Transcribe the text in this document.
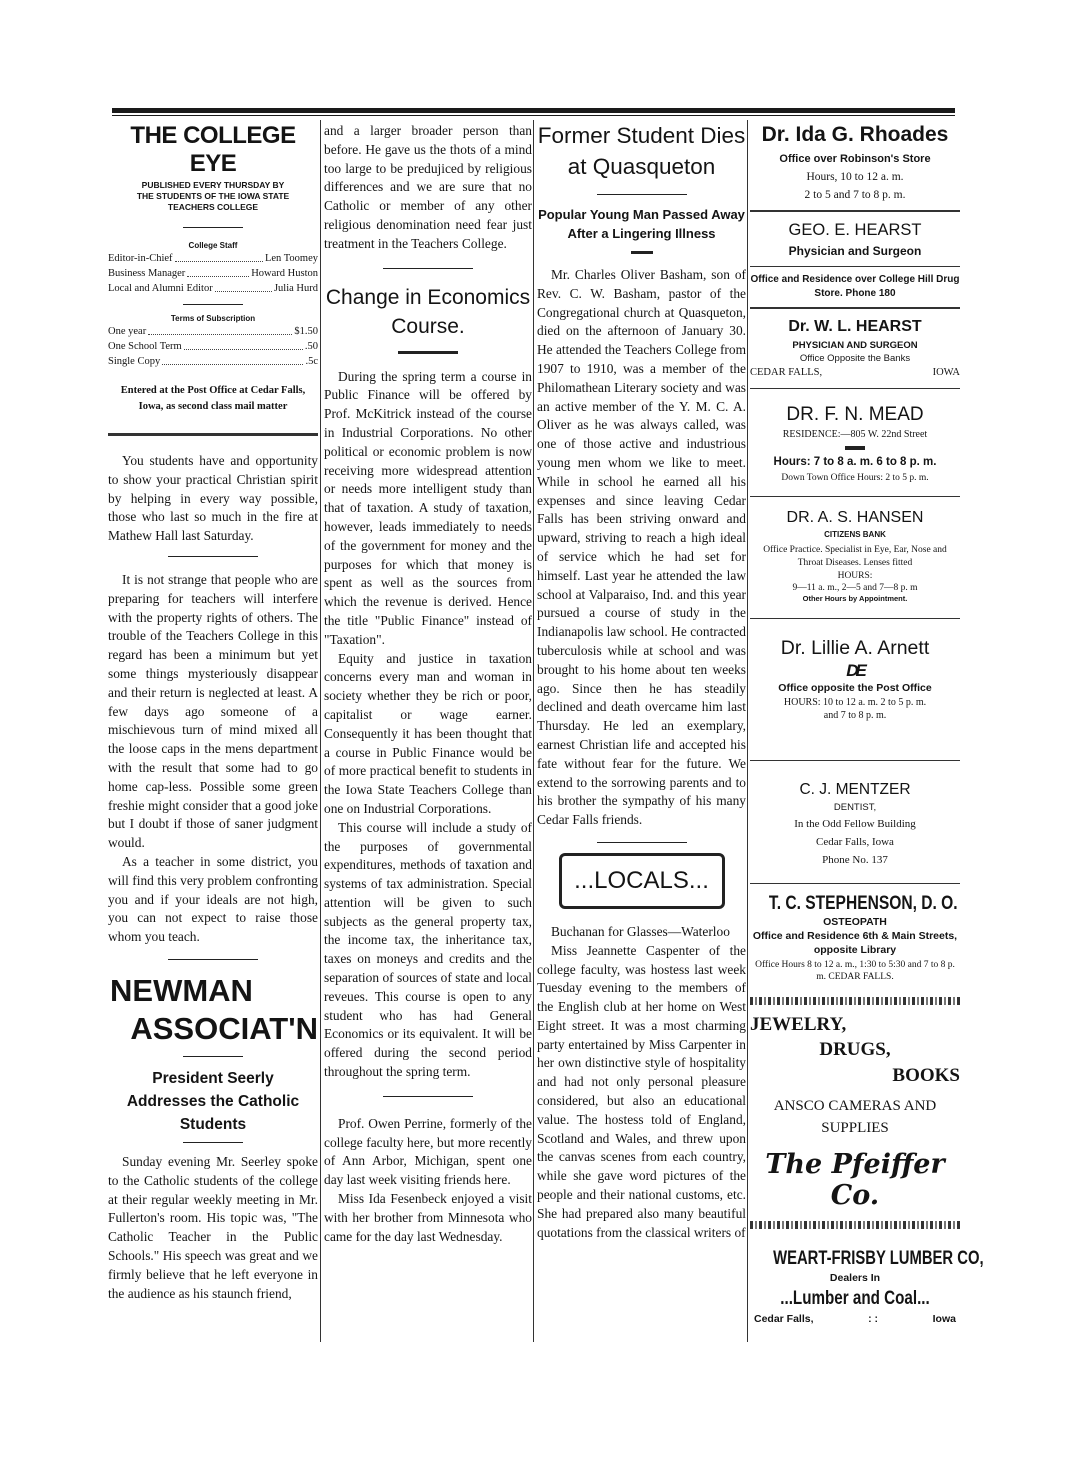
THE COLLEGE EYE
PUBLISHED EVERY THURSDAY BY
THE STUDENTS OF THE IOWA STATE
TEACHERS COLLEGE
College Staff
Editor-in-Chief	Len Toomey
Business Manager	Howard Huston
Local and Alumni Editor	Julia Hurd
Terms of Subscription
One year	$1.50
One School Term	.50
Single Copy	.5c

Entered at the Post Office at Cedar Falls, Iowa, as second class mail matter

You students have and opportunity to show your practical Christian spirit by helping in every way possible, those who last so much in the fire at Mathew Hall last Saturday.

It is not strange that people who are preparing for teachers will interfere with the property rights of others. The trouble of the Teachers College in this regard has been a minimum but yet some things mysteriously disappear and their return is neglected at least. A few days ago someone of a mischievous turn of mind mixed all the loose caps in the mens department with the result that some had to go home cap-less. Possible some green freshie might consider that a good joke but I doubt if those of saner judgment would.

As a teacher in some district, you will find this very problem confronting you and if your ideals are not high, you can not expect to raise those whom you teach.

NEWMAN
ASSOCIAT'N
President Seerly Addresses the Catholic Students

Sunday evening Mr. Seerley spoke to the Catholic students of the college at their regular weekly meeting in Mr. Fullerton's room. His topic was, "The Catholic Teacher in the Public Schools." His speech was great and we firmly believe that he left everyone in the audience as his staunch friend,

and a larger broader person than before. He gave us the thots of a mind too large to be predujiced by religious differences and we are sure that no Catholic or member of any other religious denomination need fear just treatment in the Teachers College.

Change in Economics Course.

During the spring term a course in Public Finance will be offered by Prof. McKitrick instead of the course in Industrial Corporations. No other political or economic problem is now receiving more widespread attention or needs more intelligent study than that of taxation. A study of taxation, however, leads immediately to needs of the government for money and the purposes for which that money is spent as well as the sources from which the revenue is derived. Hence the title "Public Finance" instead of "Taxation".

Equity and justice in taxation concerns every man and woman in society whether they be rich or poor, capitalist or wage earner. Consequently it has been thought that a course in Public Finance would be of more practical benefit to students in the Iowa State Teachers College than one on Industrial Corporations.

This course will include a study of the purposes of governmental expenditures, methods of taxation and systems of tax administration. Special attention will be given to such subjects as the general property tax, the income tax, the inheritance tax, taxes on moneys and credits and the separation of sources of state and local reveues. This course is open to any student who has had General Economics or its equivalent. It will be offered during the second period throughout the spring term.

Prof. Owen Perrine, formerly of the college faculty here, but more recently of Ann Arbor, Michigan, spent one day last week visiting friends here.

Miss Ida Fesenbeck enjoyed a visit with her brother from Minnesota who came for the day last Wednesday.

Former Student Dies at Quasqueton
Popular Young Man Passed Away After a Lingering Illness

Mr. Charles Oliver Basham, son of Rev. C. W. Basham, pastor of the Congregational church at Quasqueton, died on the afternoon of January 30. He attended the Teachers College from 1907 to 1910, was a member of the Philomathean Literary society and was an active member of the Y. M. C. A. Oliver as he was always called, was one of those active and industrious young men whom we like to meet. While in school he earned all his expenses and since leaving Cedar Falls has been striving onward and upward, striving to reach a high ideal of service which he had set for himself. Last year he attended the law school at Valparaiso, Ind. and this year pursued a course of study in the Indianapolis law school. He contracted tuberculosis while at school and was brought to his home about ten weeks ago. Since then he has steadily declined and death overcame him last Thursday. He led an exemplary, earnest Christian life and accepted his fate without fear for the future. We extend to the sorrowing parents and to his brother the sympathy of his many Cedar Falls friends.

...LOCALS...

Buchanan for Glasses—Waterloo

Miss Jeannette Caspenter of the college faculty, was hostess last week Tuesday evening to the members of the English club at her home on West Eight street. It was a most charming party entertained by Miss Carpenter in her own distinctive style of hospitality and had not only personal pleasure considered, but also an educational value. The hostess told of England, Scotland and Wales, and threw upon the canvas scenes from each country, while she gave word pictures of the people and their national customs, etc. She had prepared also many beautiful quotations from the classical writers of

Dr. Ida G. Rhoades
Office over Robinson's Store
Hours, 10 to 12 a. m.
2 to 5 and 7 to 8 p. m.
GEO. E. HEARST
Physician and Surgeon
Office and Residence over College Hill Drug Store. Phone 180
Dr. W. L. HEARST
PHYSICIAN AND SURGEON
Office Opposite the Banks
CEDAR FALLS,	IOWA
DR. F. N. MEAD
RESIDENCE:—805 W. 22nd Street
Hours: 7 to 8 a. m. 6 to 8 p. m.
Down Town Office Hours: 2 to 5 p. m.
DR. A. S. HANSEN
CITIZENS BANK
Office Practice. Specialist in Eye, Ear, Nose and Throat Diseases. Lenses fitted
HOURS:
9—11 a. m., 2—5 and 7—8 p. m
Other Hours by Appointment.
Dr. Lillie A. Arnett
DE
Office opposite the Post Office
HOURS: 10 to 12 a. m. 2 to 5 p. m.
and 7 to 8 p. m.
C. J. MENTZER
DENTIST,
In the Odd Fellow Building
Cedar Falls, Iowa
Phone No. 137
T. C. STEPHENSON, D. O.
OSTEOPATH
Office and Residence 6th & Main Streets, opposite Library
Office Hours 8 to 12 a. m., 1:30 to 5:30 and 7 to 8 p. m. CEDAR FALLS.
JEWELRY,
DRUGS,
BOOKS
ANSCO CAMERAS AND SUPPLIES
The Pfeiffer Co.
WEART-FRISBY LUMBER CO,
Dealers In
...Lumber and Coal...
Cedar Falls,	: :	Iowa
